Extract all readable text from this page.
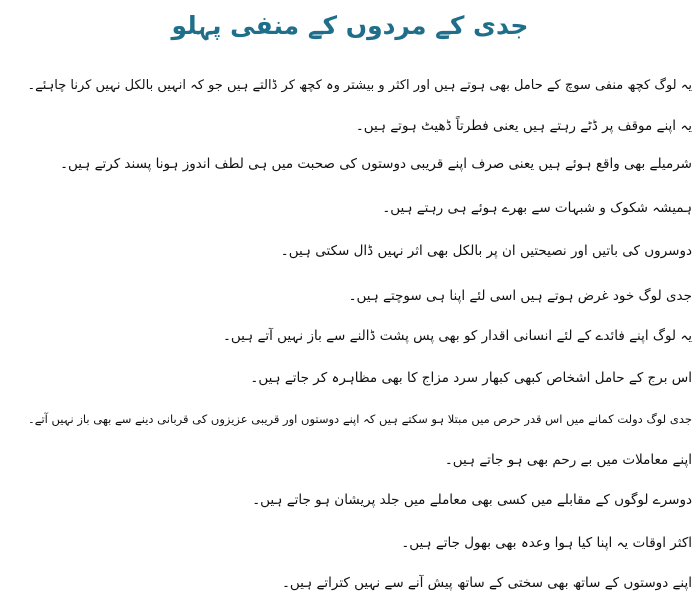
جدی کے مردوں کے منفی پہلو
یہ لوگ کچھ منفی سوچ کے حامل بھی ہوتے ہیں اور اکثر و بیشتر وہ کچھ کر ڈالتے ہیں جو کہ انہیں بالکل نہیں کرنا چاہئے۔
یہ اپنے موقف پر ڈٹے رہتے ہیں یعنی فطرتاً ڈھیٹ ہوتے ہیں۔
شرمیلے بھی واقع ہوئے ہیں یعنی صرف اپنے قریبی دوستوں کی صحبت میں ہی لطف اندوز ہونا پسند کرتے ہیں۔
ہمیشہ شکوک و شبہات سے بھرے ہوئے ہی رہتے ہیں۔
دوسروں کی باتیں اور نصیحتیں ان پر بالکل بھی اثر نہیں ڈال سکتی ہیں۔
جدی لوگ خود غرض ہوتے ہیں اسی لئے اپنا ہی سوچتے ہیں۔
یہ لوگ اپنے فائدے کے لئے انسانی اقدار کو بھی پس پشت ڈالنے سے باز نہیں آتے ہیں۔
اس برج کے حامل اشخاص کبھی کبھار سرد مزاج کا بھی مظاہرہ کر جاتے ہیں۔
جدی لوگ دولت کمانے میں اس قدر حرص میں مبتلا ہو سکتے ہیں کہ اپنے دوستوں اور قریبی عزیزوں کی قربانی دینے سے بھی باز نہیں آتے۔
اپنے معاملات میں بے رحم بھی ہو جاتے ہیں۔
دوسرے لوگوں کے مقابلے میں کسی بھی معاملے میں جلد پریشان ہو جاتے ہیں۔
اکثر اوقات یہ اپنا کیا ہوا وعدہ بھی بھول جاتے ہیں۔
اپنے دوستوں کے ساتھ بھی سختی کے ساتھ پیش آنے سے نہیں کتراتے ہیں۔
